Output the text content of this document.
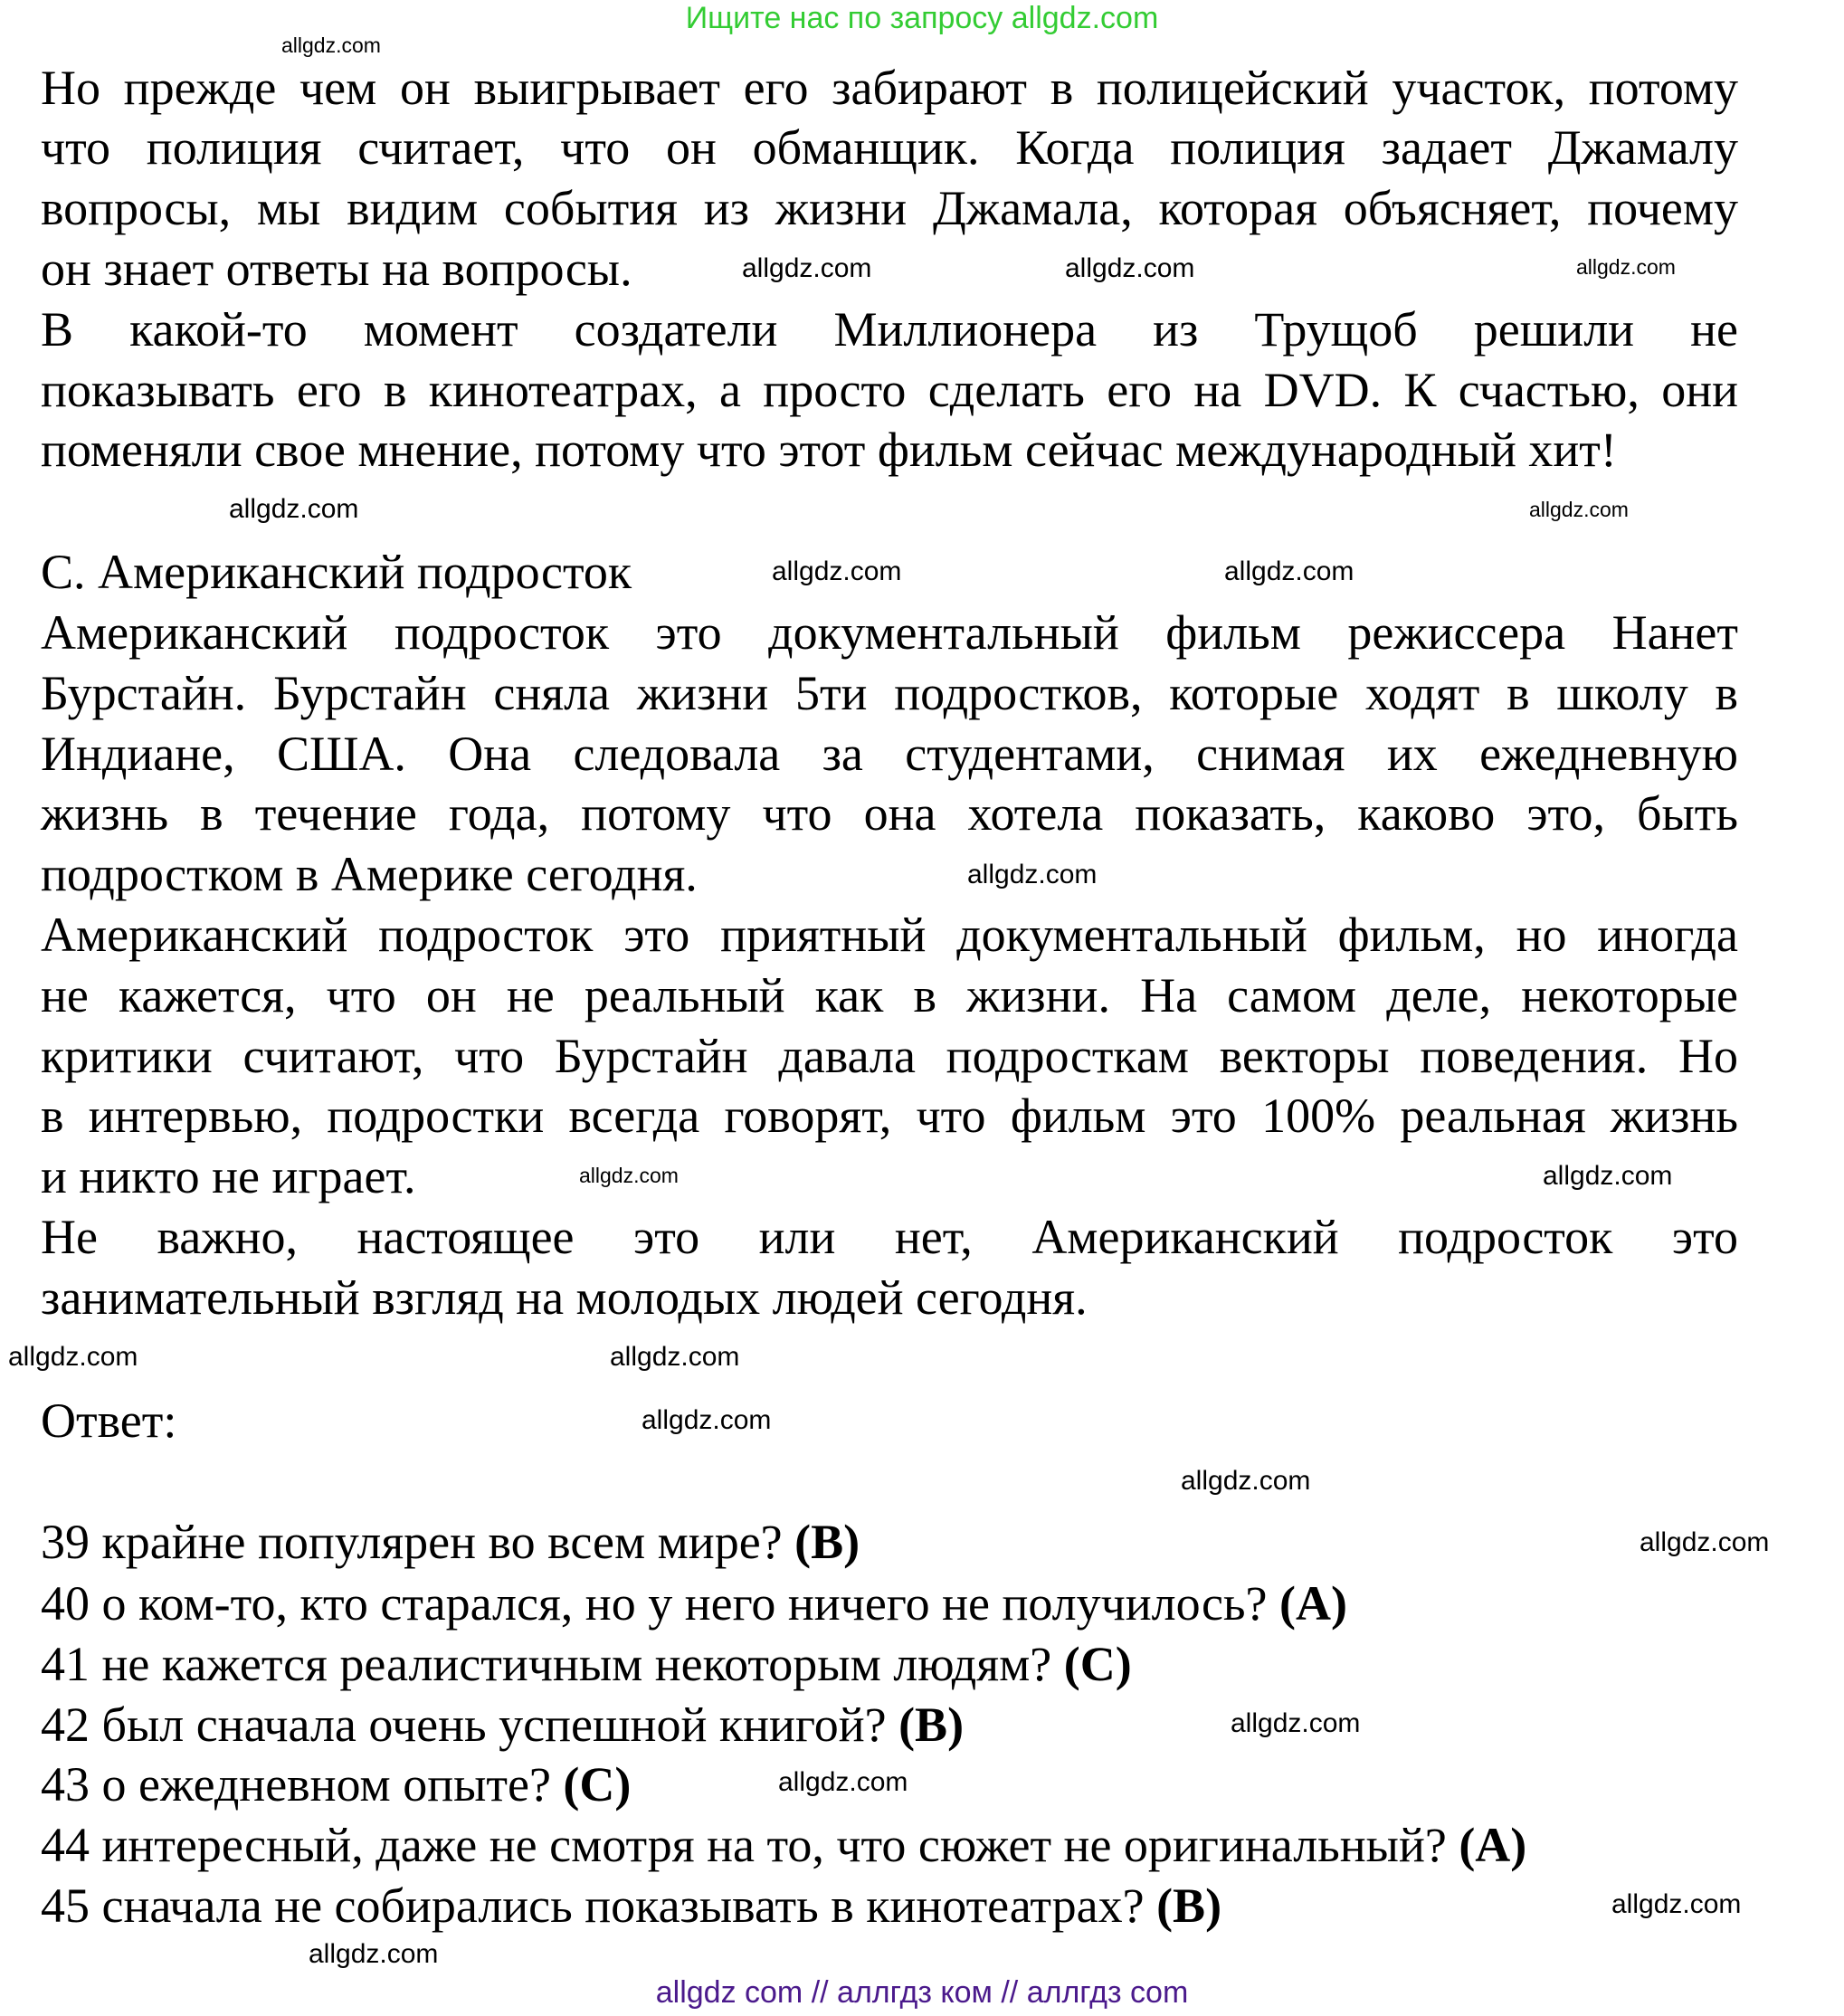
Ищите нас по запросу allgdz.com
Но прежде чем он выигрывает его забирают в полицейский участок, потому
что полиция считает, что он обманщик. Когда полиция задает Джамалу
вопросы, мы видим события из жизни Джамала, которая объясняет, почему
он знает ответы на вопросы.
В какой-то момент создатели Миллионера из Трущоб решили не
показывать его в кинотеатрах, а просто сделать его на DVD. К счастью, они
поменяли свое мнение, потому что этот фильм сейчас международный хит!
С. Американский подросток
Американский подросток это документальный фильм режиссера Нанет
Бурстайн. Бурстайн сняла жизни 5ти подростков, которые ходят в школу в
Индиане, США. Она следовала за студентами, снимая их ежедневную
жизнь в течение года, потому что она хотела показать, каково это, быть
подростком в Америке сегодня.
Американский подросток это приятный документальный фильм, но иногда
не кажется, что он не реальный как в жизни. На самом деле, некоторые
критики считают, что Бурстайн давала подросткам векторы поведения. Но
в интервью, подростки всегда говорят, что фильм это 100% реальная жизнь
и никто не играет.
Не важно, настоящее это или нет, Американский подросток это
занимательный взгляд на молодых людей сегодня.
Ответ:
39 крайне популярен во всем мире? (B)
40 о ком-то, кто старался, но у него ничего не получилось? (A)
41 не кажется реалистичным некоторым людям? (C)
42 был сначала очень успешной книгой? (B)
43 о ежедневном опыте? (C)
44 интересный, даже не смотря на то, что сюжет не оригинальный? (A)
45 сначала не собирались показывать в кинотеатрах? (B)
allgdz.com
allgdz.com
allgdz.com	allgdz.com
allgdz.com
allgdz.com
allgdz.com
allgdz.com
allgdz.com
allgdz.com	allgdz.com
allgdz.com
allgdz.com
allgdz.com
allgdz.com
allgdz.com
allgdz.com
allgdz.com
allgdz.com
allgdz.com
allgdz com // аллгдз ком // аллгдз com
